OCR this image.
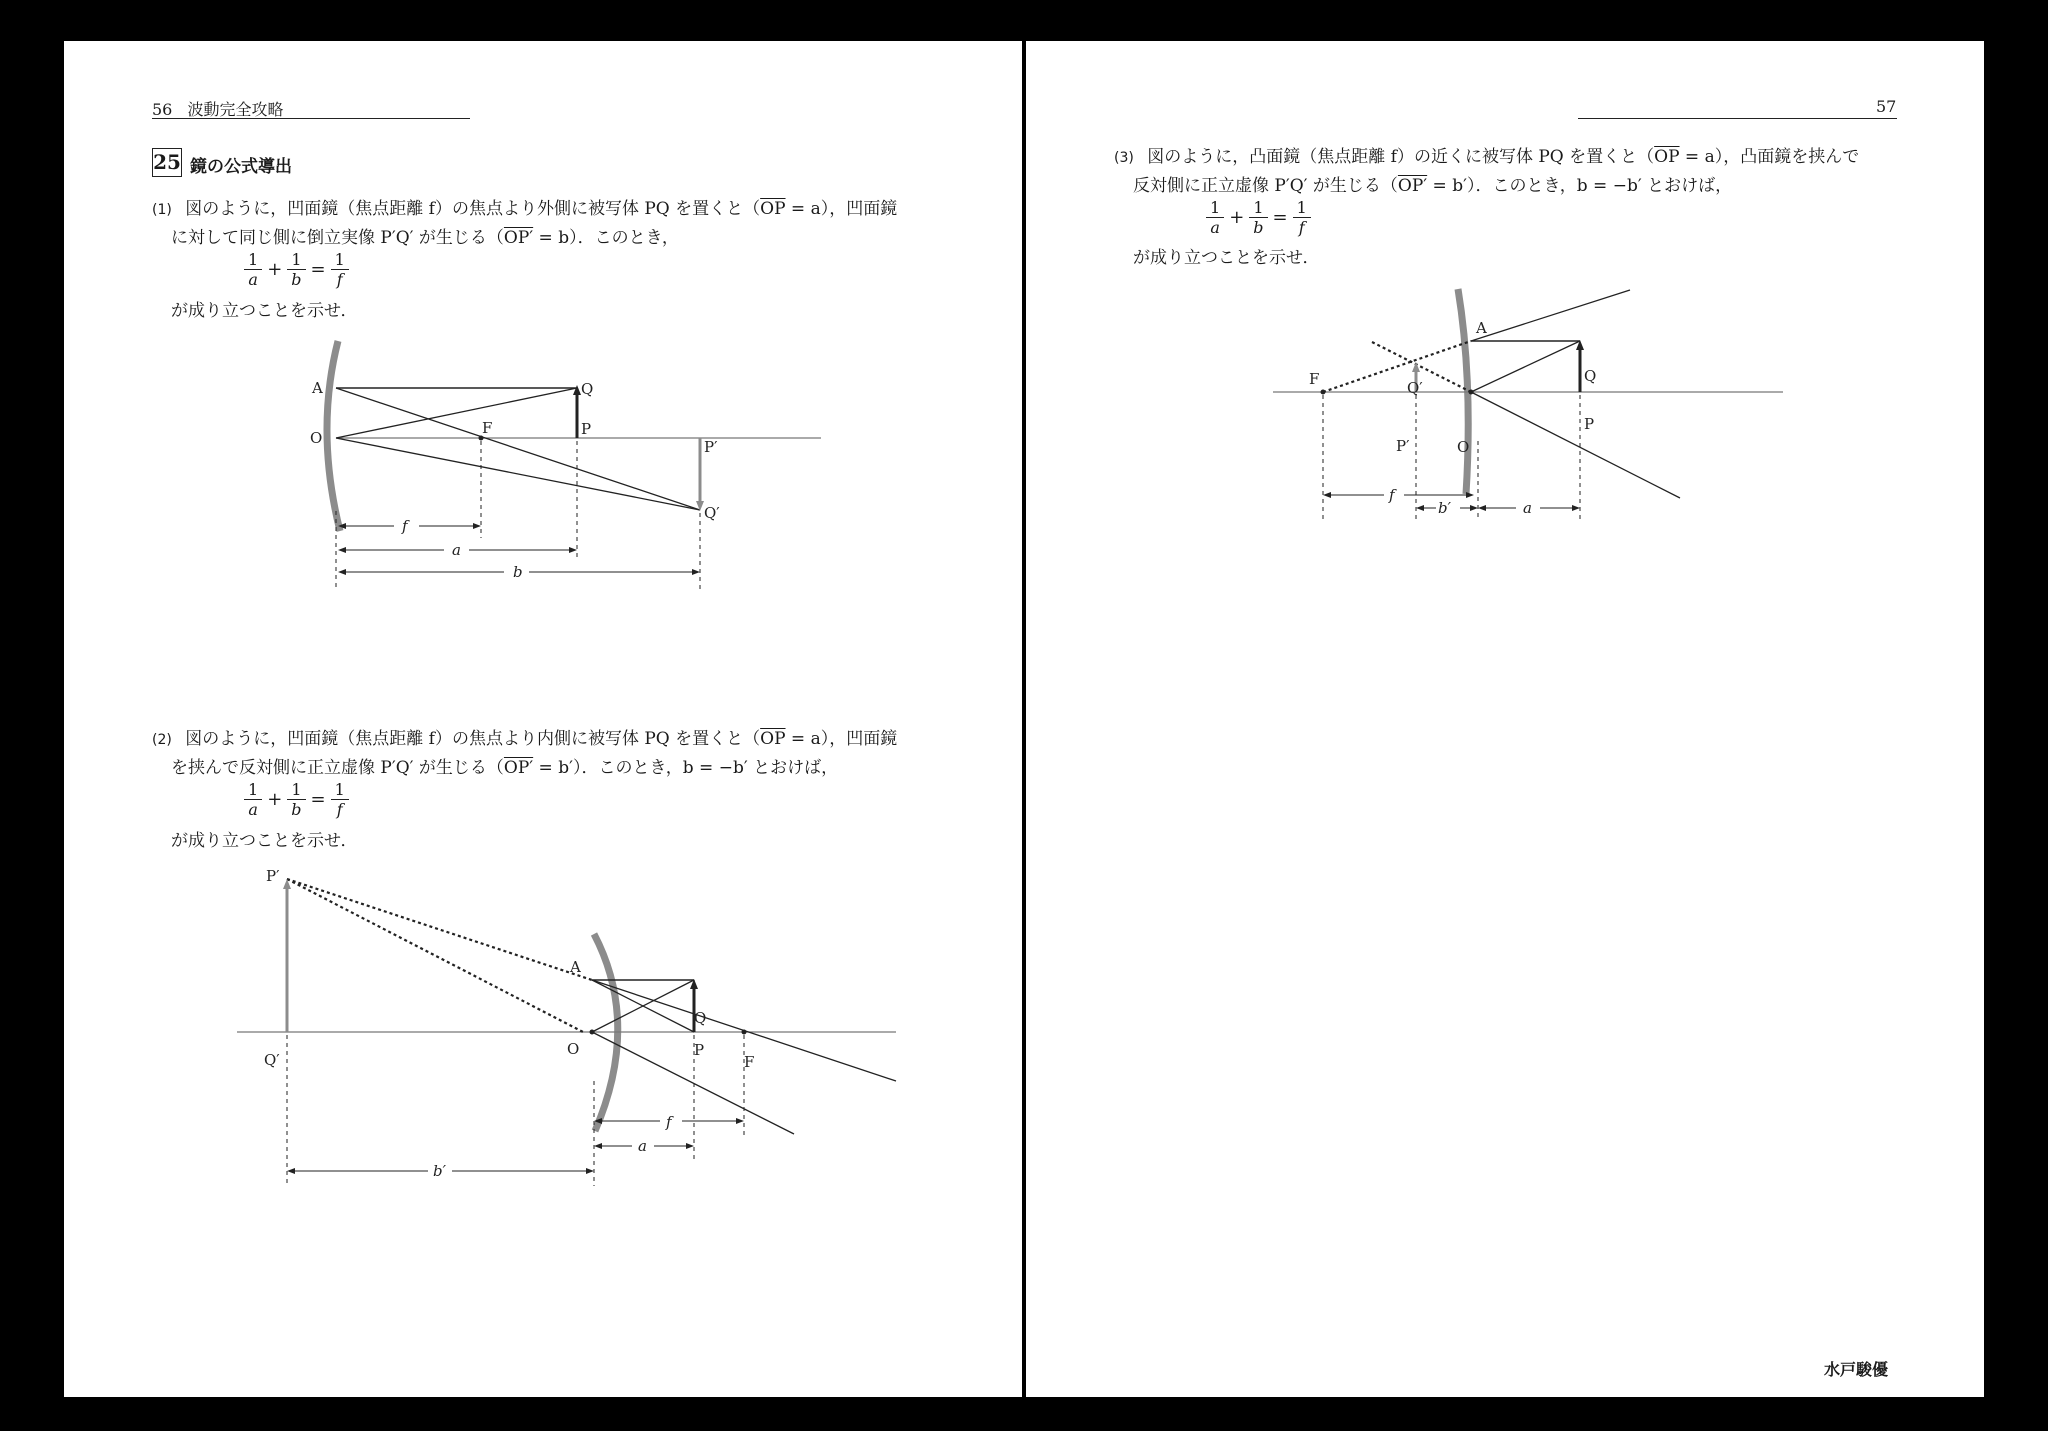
56 波動完全攻略
25 鏡の公式導出
(1) 図のように，凹面鏡（焦点距離 f）の焦点より外側に被写体 PQ を置くと$(\overline{OP} = a)$，凹面鏡
に対して同じ側に倒立実像 P′Q′ が生じる（OP′ = b）．このとき，
$\frac{1}{a} + \frac{1}{b} = \frac{1}{f}$
が成り立つことを示せ．
f
a
b
A
O
F
Q
P
P′
Q′
(2) 図のように，凹面鏡（焦点距離 f）の焦点より内側に被写体 PQ を置くと$(\overline{OP} = a)$，凹面鏡
を挟んで反対側に正立虚像 P′Q′ が生じる（OP′ = b′）．このとき，b = −b′ とおけば，
$\frac{1}{a} + \frac{1}{b} = \frac{1}{f}$
が成り立つことを示せ．
f
a
b′
P′
Q′
A
O
Q
P
F
57
(3) 図のように，凸面鏡（焦点距離 f）の近くに被写体 PQ を置くと$(\overline{OP} = a)$，凸面鏡を挟んで
反対側に正立虚像 P′Q′ が生じる（OP′ = b′）．このとき，b = −b′ とおけば，
$\frac{1}{a} + \frac{1}{b} = \frac{1}{f}$
が成り立つことを示せ．
f
b′	a
F
A
Q
P
Q′
P′	O
水戸駿優
